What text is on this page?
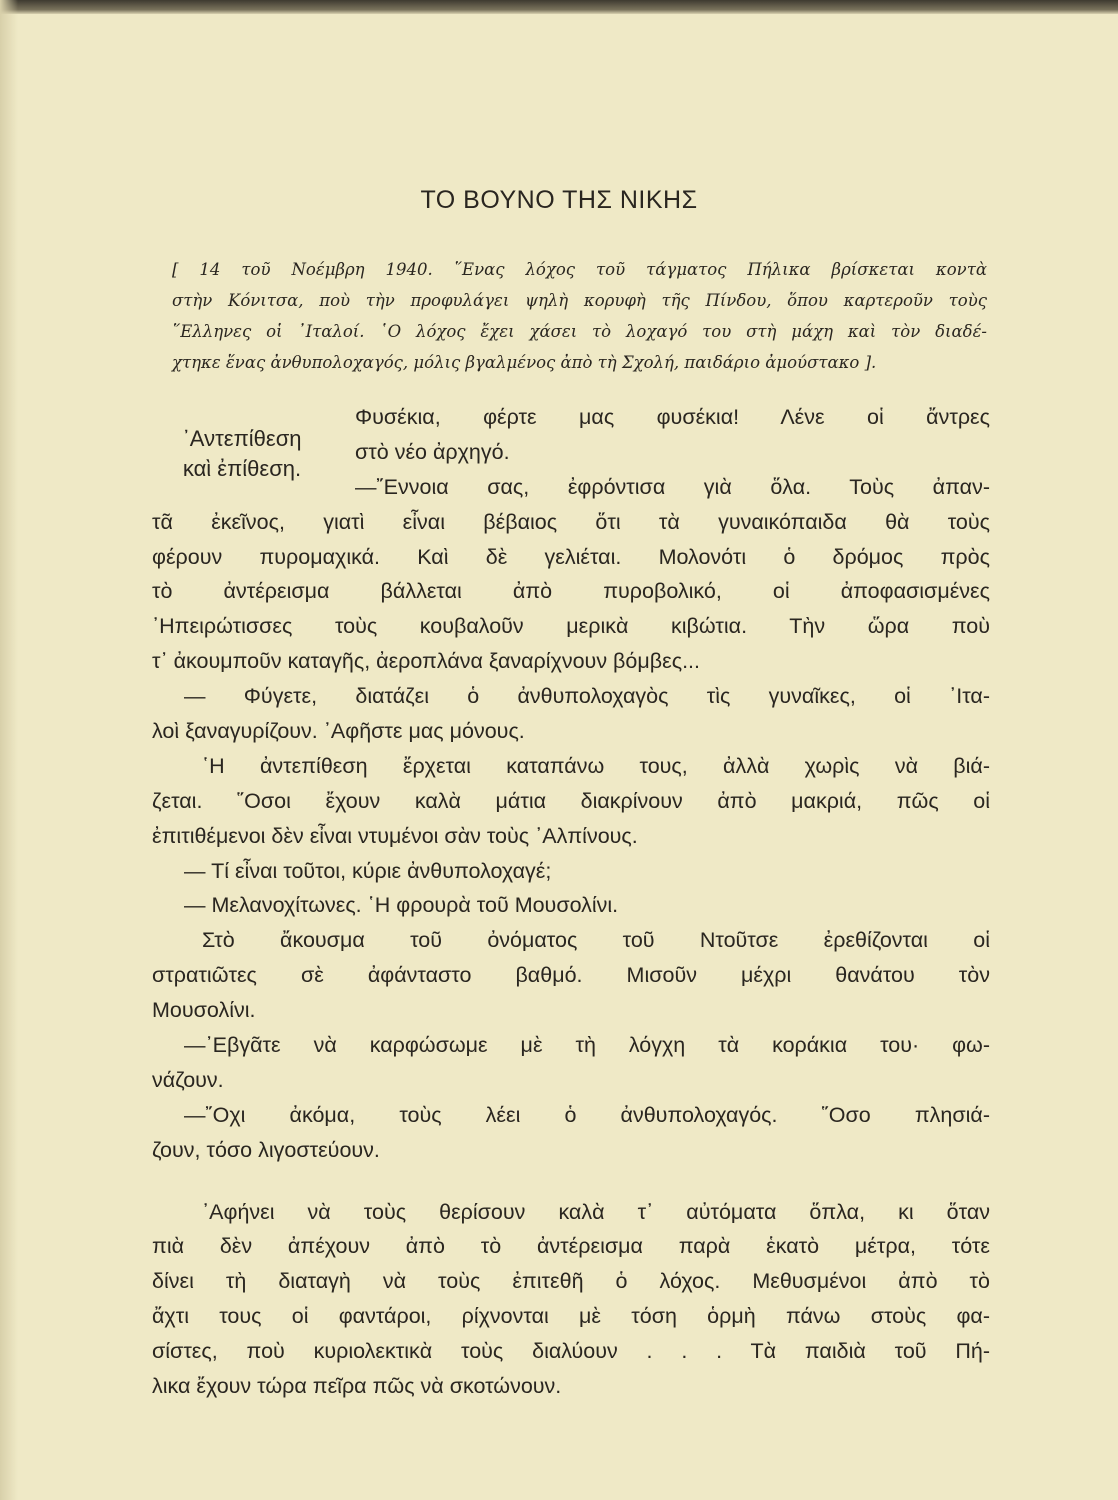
ΤΟ ΒΟΥΝΟ ΤΗΣ ΝΙΚΗΣ
[ 14 τοῦ Νοέμβρη 1940. ῞Ενας λόχος τοῦ τάγματος Πήλικα βρίσκεται κοντὰ
στὴν Κόνιτσα, ποὺ τὴν προφυλάγει ψηλὴ κορυφὴ τῆς Πίνδου, ὅπου καρτεροῦν τοὺς
῞Ελληνες οἱ ᾿Ιταλοί. ῾Ο λόχος ἔχει χάσει τὸ λοχαγό του στὴ μάχη καὶ τὸν διαδέ-
χτηκε ἕνας ἀνθυπολοχαγός, μόλις βγαλμένος ἀπὸ τὴ Σχολή, παιδάριο ἀμούστακο ].
᾿Αντεπίθεση
καὶ ἐπίθεση.
Φυσέκια, φέρτε μας φυσέκια! Λένε οἱ ἄντρες
στὸ νέο ἀρχηγό.
—῎Εννοια σας, ἐφρόντισα γιὰ ὅλα. Τοὺς ἀπαν-
τᾶ ἐκεῖνος, γιατὶ εἶναι βέβαιος ὅτι τὰ γυναικόπαιδα θὰ τοὺς
φέρουν πυρομαχικά. Καὶ δὲ γελιέται. Μολονότι ὁ δρόμος πρὸς
τὸ ἀντέρεισμα βάλλεται ἀπὸ πυροβολικό, οἱ ἀποφασισμένες
᾿Ηπειρώτισσες τοὺς κουβαλοῦν μερικὰ κιβώτια. Τὴν ὥρα ποὺ
τ᾿ ἀκουμποῦν καταγῆς, ἀεροπλάνα ξαναρίχνουν βόμβες...
— Φύγετε, διατάζει ὁ ἀνθυπολοχαγὸς τὶς γυναῖκες, οἱ ᾿Ιτα-
λοὶ ξαναγυρίζουν. ᾿Αφῆστε μας μόνους.
῾Η ἀντεπίθεση ἔρχεται καταπάνω τους, ἀλλὰ χωρὶς νὰ βιά-
ζεται. ῞Οσοι ἔχουν καλὰ μάτια διακρίνουν ἀπὸ μακριά, πῶς οἱ
ἐπιτιθέμενοι δὲν εἶναι ντυμένοι σὰν τοὺς ᾿Αλπίνους.
— Τί εἶναι τοῦτοι, κύριε ἀνθυπολοχαγέ;
— Μελανοχίτωνες. ῾Η φρουρὰ τοῦ Μουσολίνι.
Στὸ ἄκουσμα τοῦ ὀνόματος τοῦ Ντοῦτσε ἐρεθίζονται οἱ
στρατιῶτες σὲ ἀφάνταστο βαθμό. Μισοῦν μέχρι θανάτου τὸν
Μουσολίνι.
—᾿Εβγᾶτε νὰ καρφώσωμε μὲ τὴ λόγχη τὰ κοράκια του· φω-
νάζουν.
—῎Οχι ἀκόμα, τοὺς λέει ὁ ἀνθυπολοχαγός. ῞Οσο πλησιά-
ζουν, τόσο λιγοστεύουν.
᾿Αφήνει νὰ τοὺς θερίσουν καλὰ τ᾿ αὐτόματα ὅπλα, κι ὅταν
πιὰ δὲν ἀπέχουν ἀπὸ τὸ ἀντέρεισμα παρὰ ἑκατὸ μέτρα, τότε
δίνει τὴ διαταγὴ νὰ τοὺς ἐπιτεθῆ ὁ λόχος. Μεθυσμένοι ἀπὸ τὸ
ἄχτι τους οἱ φαντάροι, ρίχνονται μὲ τόση ὁρμὴ πάνω στοὺς φα-
σίστες, ποὺ κυριολεκτικὰ τοὺς διαλύουν . . . Τὰ παιδιὰ τοῦ Πή-
λικα ἔχουν τώρα πεῖρα πῶς νὰ σκοτώνουν.
